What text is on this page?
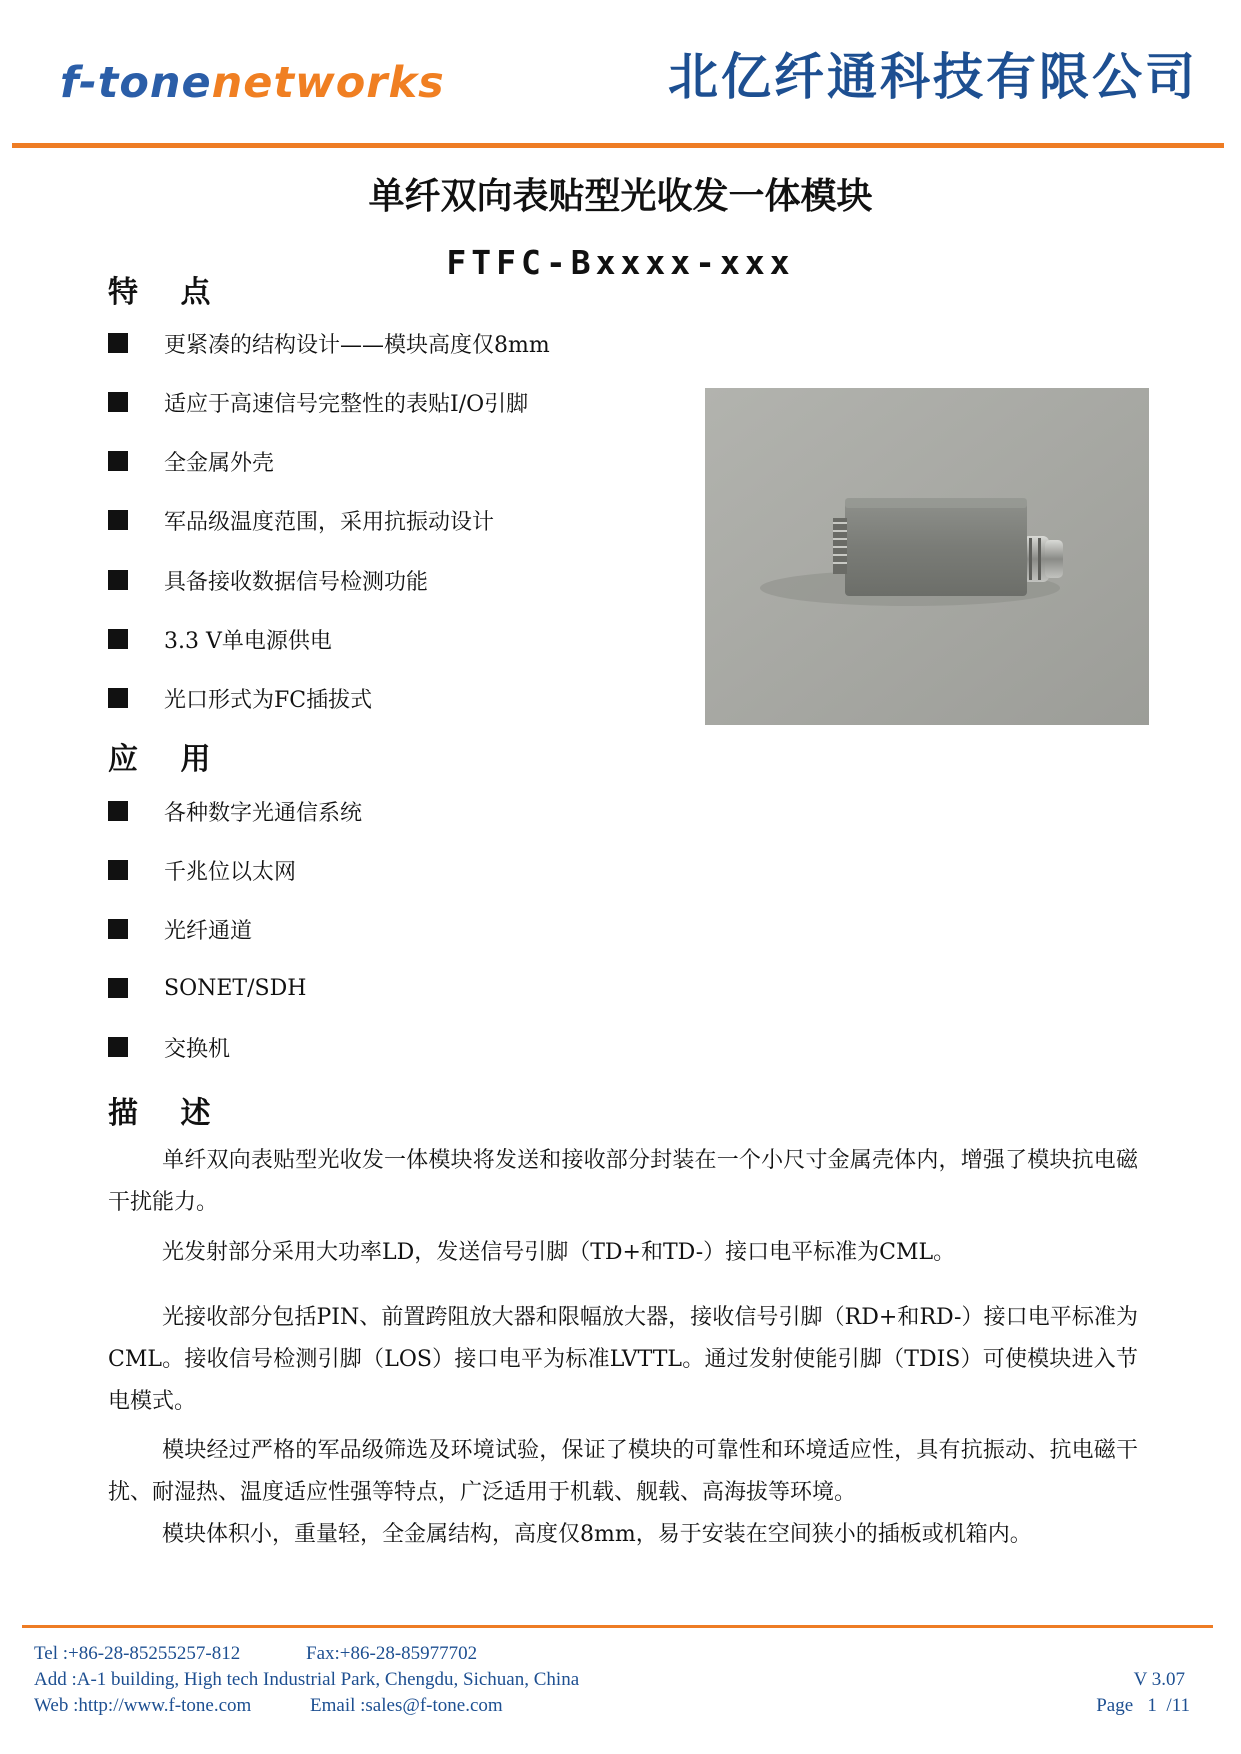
f-tonenetworks	北亿纤通科技有限公司
单纤双向表贴型光收发一体模块
FTFC-Bxxxx-xxx
特 点
更紧凑的结构设计——模块高度仅8mm
适应于高速信号完整性的表贴I/O引脚
全金属外壳
军品级温度范围，采用抗振动设计
具备接收数据信号检测功能
3.3 V单电源供电
光口形式为FC插拔式
应 用
各种数字光通信系统
千兆位以太网
光纤通道
SONET/SDH
交换机
描 述

单纤双向表贴型光收发一体模块将发送和接收部分封装在一个小尺寸金属壳体内，增强了模块抗电磁干扰能力。

光发射部分采用大功率LD，发送信号引脚（TD+和TD-）接口电平标准为CML。

光接收部分包括PIN、前置跨阻放大器和限幅放大器，接收信号引脚（RD+和RD-）接口电平标准为CML。接收信号检测引脚（LOS）接口电平为标准LVTTL。通过发射使能引脚（TDIS）可使模块进入节电模式。

模块经过严格的军品级筛选及环境试验，保证了模块的可靠性和环境适应性，具有抗振动、抗电磁干扰、耐湿热、温度适应性强等特点，广泛适用于机载、舰载、高海拔等环境。

模块体积小，重量轻，全金属结构，高度仅8mm，易于安装在空间狭小的插板或机箱内。

Tel :+86-28-85255257-812	Fax:+86-28-85977702
Add :A-1 building, High tech Industrial Park, Chengdu, Sichuan, China	V 3.07
Web :http://www.f-tone.com	Email :sales@f-tone.com	Page   1  /11
